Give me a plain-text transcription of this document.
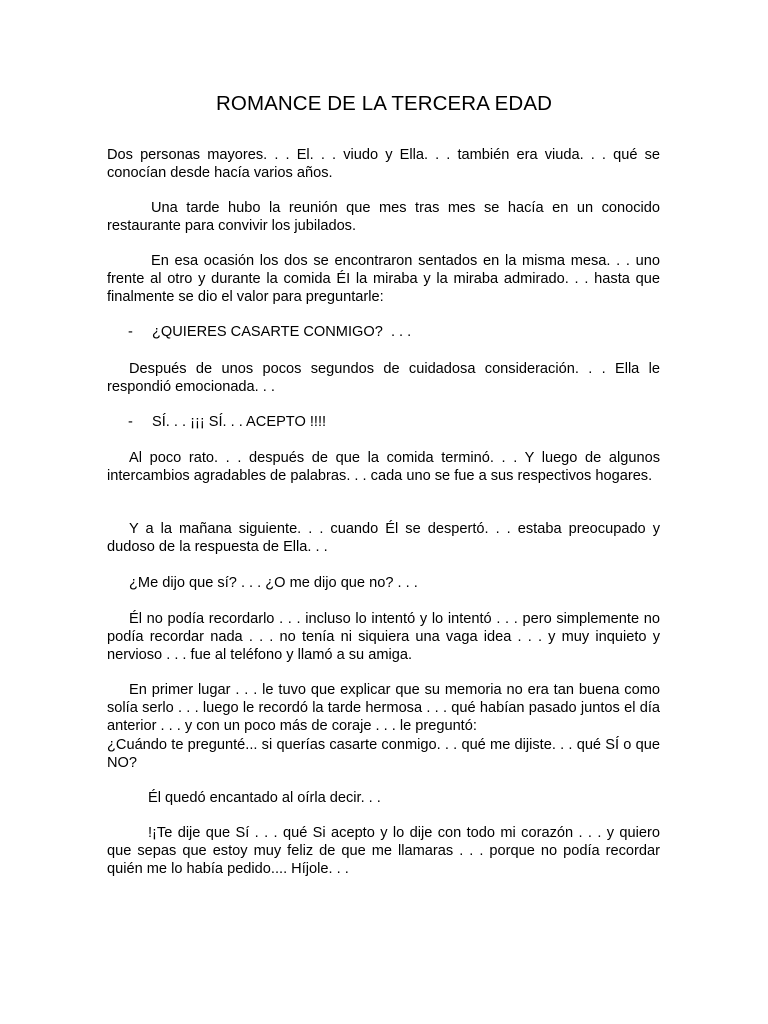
ROMANCE DE LA TERCERA EDAD

Dos personas mayores. . . El. . . viudo y Ella. . . también era viuda. . . qué se conocían desde hacía varios años.

Una tarde hubo la reunión que mes tras mes se hacía en un conocido restaurante para convivir los jubilados.

En esa ocasión los dos se encontraron sentados en la misma mesa. . . uno frente al otro y durante la comida ÉI la miraba y la miraba admirado. . . hasta que finalmente se dio el valor para preguntarle:

- ¿QUIERES CASARTE CONMIGO?  . . .

Después de unos pocos segundos de cuidadosa consideración. . . Ella le respondió emocionada. . .

- SÍ. . . ¡¡¡ SÍ. . . ACEPTO !!!!

Al poco rato. . . después de que la comida terminó. . . Y luego de algunos intercambios agradables de palabras. . . cada uno se fue a sus respectivos hogares.

Y a la mañana siguiente. . . cuando Él se despertó. . . estaba preocupado y dudoso de la respuesta de Ella. . .

¿Me dijo que sí? . . . ¿O me dijo que no? . . .

Él no podía recordarlo . . . incluso lo intentó y lo intentó . . . pero simplemente no podía recordar nada . . . no tenía ni siquiera una vaga idea . . . y muy inquieto y nervioso . . . fue al teléfono y llamó a su amiga.

En primer lugar . . . le tuvo que explicar que su memoria no era tan buena como solía serlo . . . luego le recordó la tarde hermosa . . . qué habían pasado juntos el día anterior . . . y con un poco más de coraje . . . le preguntó:
¿Cuándo te pregunté... si querías casarte conmigo. . . qué me dijiste. . . qué SÍ o que NO?

Él quedó encantado al oírla decir. . .

!¡Te dije que Sí . . . qué Si acepto y lo dije con todo mi corazón . . . y quiero que sepas que estoy muy feliz de que me llamaras . . . porque no podía recordar quién me lo había pedido.... Híjole. . .
